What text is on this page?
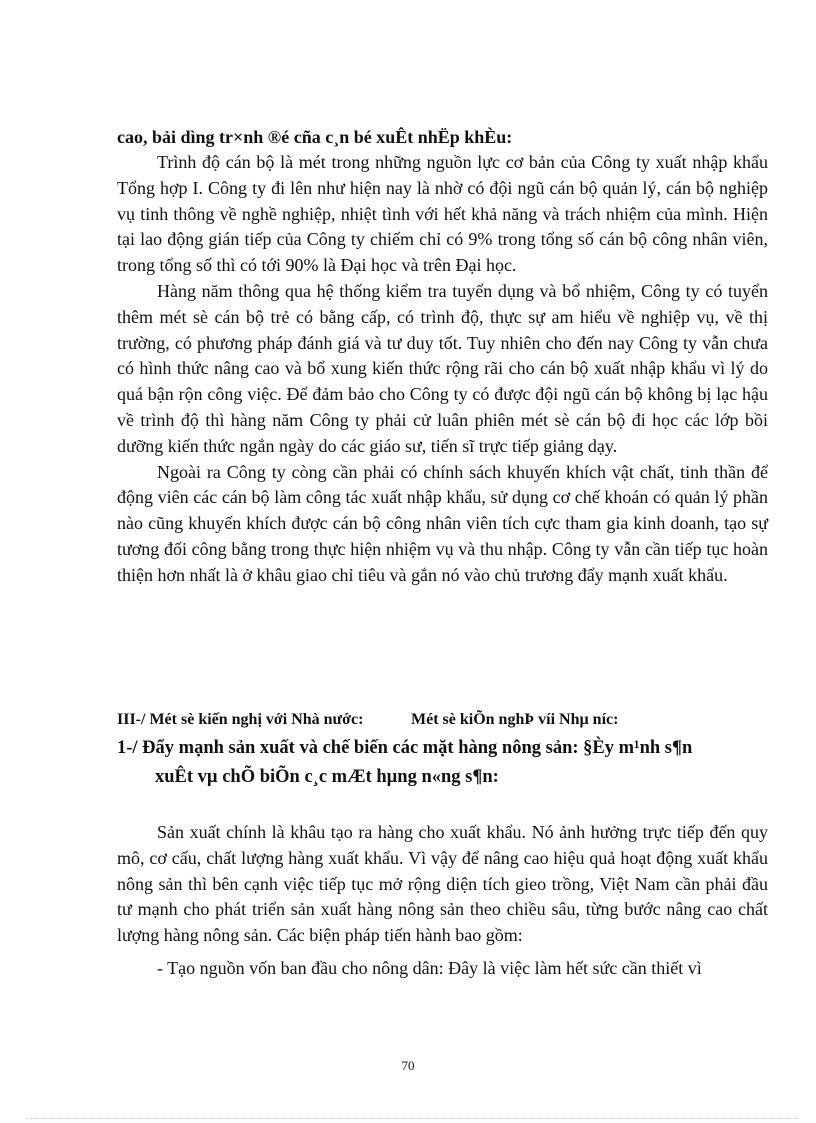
cao, bải dìng tr×nh ®é cña c¸n bé xuÊt nhËp khÈu:

Trình độ cán bộ là mét trong những nguồn lực cơ bản của Công ty xuất nhập khẩu Tổng hợp I. Công ty đi lên như hiện nay là nhờ có đội ngũ cán bộ quản lý, cán bộ nghiệp vụ tinh thông về nghề nghiệp, nhiệt tình với hết khả năng và trách nhiệm của mình. Hiện tại lao động gián tiếp của Công ty chiếm chỉ có 9% trong tổng số cán bộ công nhân viên, trong tổng số thì có tới 90% là Đại học và trên Đại học.

Hàng năm thông qua hệ thống kiểm tra tuyển dụng và bổ nhiệm, Công ty có tuyển thêm mét sè cán bộ trẻ có bằng cấp, có trình độ, thực sự am hiểu về nghiệp vụ, về thị trường, có phương pháp đánh giá và tư duy tốt. Tuy nhiên cho đến nay Công ty vẫn chưa có hình thức nâng cao và bổ xung kiến thức rộng rãi cho cán bộ xuất nhập khẩu vì lý do quá bận rộn công việc. Để đảm bảo cho Công ty có được đội ngũ cán bộ không bị lạc hậu về trình độ thì hàng năm Công ty phải cử luân phiên mét sè cán bộ đi học các lớp bồi dưỡng kiến thức ngắn ngày do các giáo sư, tiến sĩ trực tiếp giảng dạy.

Ngoài ra Công ty còng cần phải có chính sách khuyến khích vật chất, tinh thần để động viên các cán bộ làm công tác xuất nhập khẩu, sử dụng cơ chế khoán có quản lý phần nào cũng khuyến khích được cán bộ công nhân viên tích cực tham gia kinh doanh, tạo sự tương đối công bằng trong thực hiện nhiệm vụ và thu nhập. Công ty vẫn cần tiếp tục hoàn thiện hơn nhất là ở khâu giao chỉ tiêu và gắn nó vào chủ trương đẩy mạnh xuất khẩu.

III-/ Mét sè kiến nghị với Nhà nước:	Mét sè kiÕn nghÞ víi Nhµ níc:
1-/ Đẩy mạnh sản xuất và chế biến các mặt hàng nông sản: §Èy m¹nh s¶n
xuÊt vµ chÕ biÕn c¸c mÆt hµng n«ng s¶n:

Sản xuất chính là khâu tạo ra hàng cho xuất khẩu. Nó ảnh hưởng trực tiếp đến quy mô, cơ cấu, chất lượng hàng xuất khẩu. Vì vậy để nâng cao hiệu quả hoạt động xuất khẩu nông sản thì bên cạnh việc tiếp tục mở rộng diện tích gieo trồng, Việt Nam cần phải đầu tư mạnh cho phát triển sản xuất hàng nông sản theo chiều sâu, từng bước nâng cao chất lượng hàng nông sản. Các biện pháp tiến hành bao gồm:

- Tạo nguồn vốn ban đầu cho nông dân: Đây là việc làm hết sức cần thiết vì

70
